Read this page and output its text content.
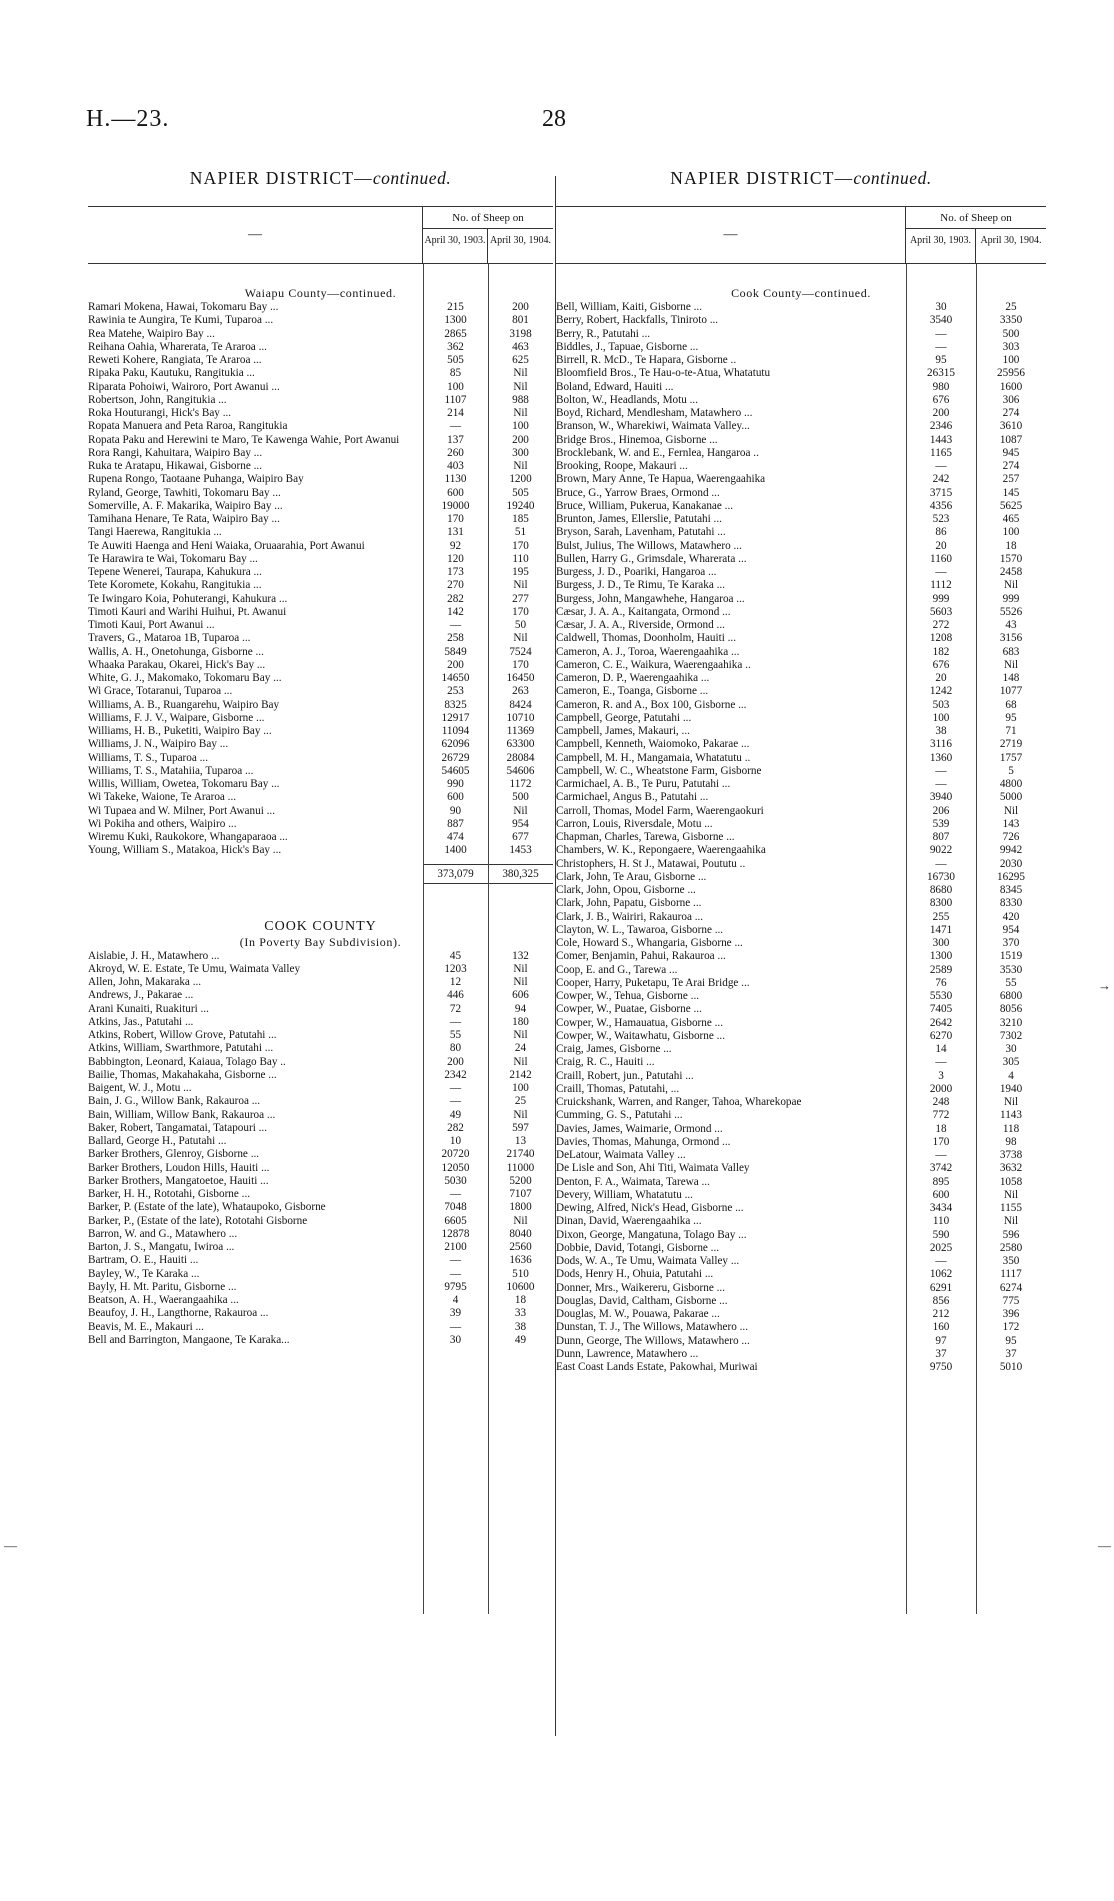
H.—23.	28
NAPIER DISTRICT—continued.
—
No. of Sheep on
April 30, 1903. April 30, 1904.
Waiapu County—continued.
Ramari Mokena, Hawai, Tokomaru Bay ...	215	200
Rawinia te Aungira, Te Kumi, Tuparoa ...	1300	801
Rea Matehe, Waipiro Bay ...	2865	3198
Reihana Oahia, Wharerata, Te Araroa ...	362	463
Reweti Kohere, Rangiata, Te Araroa ...	505	625
Ripaka Paku, Kautuku, Rangitukia ...	85	Nil
Riparata Pohoiwi, Wairoro, Port Awanui ...	100	Nil
Robertson, John, Rangitukia ...	1107	988
Roka Houturangi, Hick's Bay ...	214	Nil
Ropata Manuera and Peta Raroa, Rangitukia	—	100
Ropata Paku and Herewini te Maro, Te Kawenga Wahie, Port Awanui	137	200
Rora Rangi, Kahuitara, Waipiro Bay ...	260	300
Ruka te Aratapu, Hikawai, Gisborne ...	403	Nil
Rupena Rongo, Taotaane Puhanga, Waipiro Bay	1130	1200
Ryland, George, Tawhiti, Tokomaru Bay ...	600	505
Somerville, A. F. Makarika, Waipiro Bay ...	19000	19240
Tamihana Henare, Te Rata, Waipiro Bay ...	170	185
Tangi Haerewa, Rangitukia ...	131	51
Te Auwiti Haenga and Heni Waiaka, Oruaarahia, Port Awanui	92	170
Te Harawira te Wai, Tokomaru Bay ...	120	110
Tepene Wenerei, Taurapa, Kahukura ...	173	195
Tete Koromete, Kokahu, Rangitukia ...	270	Nil
Te Iwingaro Koia, Pohuterangi, Kahukura ...	282	277
Timoti Kauri and Warihi Huihui, Pt. Awanui	142	170
Timoti Kaui, Port Awanui ...	—	50
Travers, G., Mataroa 1B, Tuparoa ...	258	Nil
Wallis, A. H., Onetohunga, Gisborne ...	5849	7524
Whaaka Parakau, Okarei, Hick's Bay ...	200	170
White, G. J., Makomako, Tokomaru Bay ...	14650	16450
Wi Grace, Totaranui, Tuparoa ...	253	263
Williams, A. B., Ruangarehu, Waipiro Bay	8325	8424
Williams, F. J. V., Waipare, Gisborne ...	12917	10710
Williams, H. B., Puketiti, Waipiro Bay ...	11094	11369
Williams, J. N., Waipiro Bay ...	62096	63300
Williams, T. S., Tuparoa ...	26729	28084
Williams, T. S., Matahiia, Tuparoa ...	54605	54606
Willis, William, Owetea, Tokomaru Bay ...	990	1172
Wi Takeke, Waione, Te Araroa ...	600	500
Wi Tupaea and W. Milner, Port Awanui ...	90	Nil
Wi Pokiha and others, Waipiro ...	887	954
Wiremu Kuki, Raukokore, Whangaparaoa ...	474	677
Young, William S., Matakoa, Hick's Bay ...	1400	1453
373,079	380,325
COOK COUNTY
(In Poverty Bay Subdivision).
Aislabie, J. H., Matawhero ...	45	132
Akroyd, W. E. Estate, Te Umu, Waimata Valley	1203	Nil
Allen, John, Makaraka ...	12	Nil
Andrews, J., Pakarae ...	446	606
Arani Kunaiti, Ruakituri ...	72	94
Atkins, Jas., Patutahi ...	—	180
Atkins, Robert, Willow Grove, Patutahi ...	55	Nil
Atkins, William, Swarthmore, Patutahi ...	80	24
Babbington, Leonard, Kaiaua, Tolago Bay ..	200	Nil
Bailie, Thomas, Makahakaha, Gisborne ...	2342	2142
Baigent, W. J., Motu ...	—	100
Bain, J. G., Willow Bank, Rakauroa ...	—	25
Bain, William, Willow Bank, Rakauroa ...	49	Nil
Baker, Robert, Tangamatai, Tatapouri ...	282	597
Ballard, George H., Patutahi ...	10	13
Barker Brothers, Glenroy, Gisborne ...	20720	21740
Barker Brothers, Loudon Hills, Hauiti ...	12050	11000
Barker Brothers, Mangatoetoe, Hauiti ...	5030	5200
Barker, H. H., Rototahi, Gisborne ...	—	7107
Barker, P. (Estate of the late), Whataupoko, Gisborne	7048	1800
Barker, P., (Estate of the late), Rototahi Gisborne	6605	Nil
Barron, W. and G., Matawhero ...	12878	8040
Barton, J. S., Mangatu, Iwiroa ...	2100	2560
Bartram, O. E., Hauiti ...	—	1636
Bayley, W., Te Karaka ...	—	510
Bayly, H. Mt. Paritu, Gisborne ...	9795	10600
Beatson, A. H., Waerangaahika ...	4	18
Beaufoy, J. H., Langthorne, Rakauroa ...	39	33
Beavis, M. E., Makauri ...	—	38
Bell and Barrington, Mangaone, Te Karaka...	30	49
NAPIER DISTRICT—continued.
—
No. of Sheep on
April 30, 1903. April 30, 1904.
Cook County—continued.
Bell, William, Kaiti, Gisborne ...	30	25
Berry, Robert, Hackfalls, Tiniroto ...	3540	3350
Berry, R., Patutahi ...	—	500
Biddles, J., Tapuae, Gisborne ...	—	303
Birrell, R. McD., Te Hapara, Gisborne ..	95	100
Bloomfield Bros., Te Hau-o-te-Atua, Whatatutu	26315	25956
Boland, Edward, Hauiti ...	980	1600
Bolton, W., Headlands, Motu ...	676	306
Boyd, Richard, Mendlesham, Matawhero ...	200	274
Branson, W., Wharekiwi, Waimata Valley...	2346	3610
Bridge Bros., Hinemoa, Gisborne ...	1443	1087
Brocklebank, W. and E., Fernlea, Hangaroa ..	1165	945
Brooking, Roope, Makauri ...	—	274
Brown, Mary Anne, Te Hapua, Waerengaahika	242	257
Bruce, G., Yarrow Braes, Ormond ...	3715	145
Bruce, William, Pukerua, Kanakanae ...	4356	5625
Brunton, James, Ellerslie, Patutahi ...	523	465
Bryson, Sarah, Lavenham, Patutahi ...	86	100
Bulst, Julius, The Willows, Matawhero ...	20	18
Bullen, Harry G., Grimsdale, Wharerata ...	1160	1570
Burgess, J. D., Poariki, Hangaroa ...	—	2458
Burgess, J. D., Te Rimu, Te Karaka ...	1112	Nil
Burgess, John, Mangawhehe, Hangaroa ...	999	999
Cæsar, J. A. A., Kaitangata, Ormond ...	5603	5526
Cæsar, J. A. A., Riverside, Ormond ...	272	43
Caldwell, Thomas, Doonholm, Hauiti ...	1208	3156
Cameron, A. J., Toroa, Waerengaahika ...	182	683
Cameron, C. E., Waikura, Waerengaahika ..	676	Nil
Cameron, D. P., Waerengaahika ...	20	148
Cameron, E., Toanga, Gisborne ...	1242	1077
Cameron, R. and A., Box 100, Gisborne ...	503	68
Campbell, George, Patutahi ...	100	95
Campbell, James, Makauri, ...	38	71
Campbell, Kenneth, Waiomoko, Pakarae ...	3116	2719
Campbell, M. H., Mangamaia, Whatatutu ..	1360	1757
Campbell, W. C., Wheatstone Farm, Gisborne	—	5
Carmichael, A. B., Te Puru, Patutahi ...	—	4800
Carmichael, Angus B., Patutahi ...	3940	5000
Carroll, Thomas, Model Farm, Waerengaokuri	206	Nil
Carron, Louis, Riversdale, Motu ...	539	143
Chapman, Charles, Tarewa, Gisborne ...	807	726
Chambers, W. K., Repongaere, Waerengaahika	9022	9942
Christophers, H. St J., Matawai, Poututu ..	—	2030
Clark, John, Te Arau, Gisborne ...	16730	16295
Clark, John, Opou, Gisborne ...	8680	8345
Clark, John, Papatu, Gisborne ...	8300	8330
Clark, J. B., Wairiri, Rakauroa ...	255	420
Clayton, W. L., Tawaroa, Gisborne ...	1471	954
Cole, Howard S., Whangaria, Gisborne ...	300	370
Comer, Benjamin, Pahui, Rakauroa ...	1300	1519
Coop, E. and G., Tarewa ...	2589	3530
Cooper, Harry, Puketapu, Te Arai Bridge ...	76	55
Cowper, W., Tehua, Gisborne ...	5530	6800
Cowper, W., Puatae, Gisborne ...	7405	8056
Cowper, W., Hamauatua, Gisborne ...	2642	3210
Cowper, W., Waitawhatu, Gisborne ...	6270	7302
Craig, James, Gisborne ...	14	30
Craig, R. C., Hauiti ...	—	305
Craill, Robert, jun., Patutahi ...	3	4
Craill, Thomas, Patutahi, ...	2000	1940
Cruickshank, Warren, and Ranger, Tahoa, Wharekopae	248	Nil
Cumming, G. S., Patutahi ...	772	1143
Davies, James, Waimarie, Ormond ...	18	118
Davies, Thomas, Mahunga, Ormond ...	170	98
DeLatour, Waimata Valley ...	—	3738
De Lisle and Son, Ahi Titi, Waimata Valley	3742	3632
Denton, F. A., Waimata, Tarewa ...	895	1058
Devery, William, Whatatutu ...	600	Nil
Dewing, Alfred, Nick's Head, Gisborne ...	3434	1155
Dinan, David, Waerengaahika ...	110	Nil
Dixon, George, Mangatuna, Tolago Bay ...	590	596
Dobbie, David, Totangi, Gisborne ...	2025	2580
Dods, W. A., Te Umu, Waimata Valley ...	—	350
Dods, Henry H., Ohuia, Patutahi ...	1062	1117
Donner, Mrs., Waikereru, Gisborne ...	6291	6274
Douglas, David, Caltham, Gisborne ...	856	775
Douglas, M. W., Pouawa, Pakarae ...	212	396
Dunstan, T. J., The Willows, Matawhero ...	160	172
Dunn, George, The Willows, Matawhero ...	97	95
Dunn, Lawrence, Matawhero ...	37	37
East Coast Lands Estate, Pakowhai, Muriwai	9750	5010
→
—
—
